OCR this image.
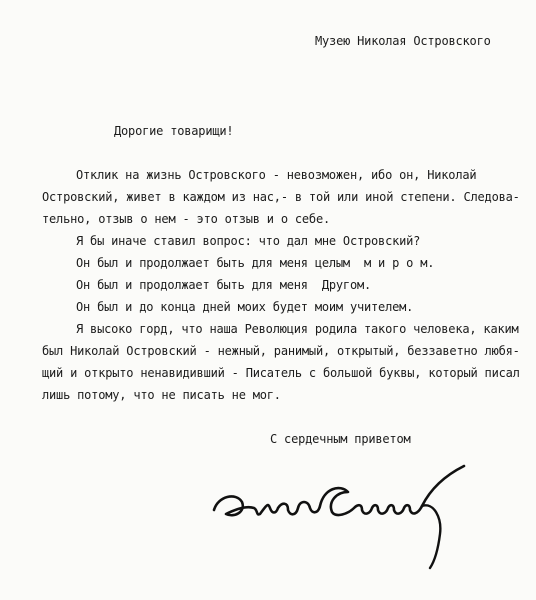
Музею Николая Островского
Дорогие товарищи!
Отклик на жизнь Островского - невозможен, ибо он, Николай
Островский, живет в каждом из нас,- в той или иной степени. Следова-
тельно, отзыв о нем - это отзыв и о себе.
Я бы иначе ставил вопрос: что дал мне Островский?
Он был и продолжает быть для меня целым  м и р о м.
Он был и продолжает быть для меня  Другом.
Он был и до конца дней моих будет моим учителем.
Я высоко горд, что наша Революция родила такого человека, каким
был Николай Островский - нежный, ранимый, открытый, беззаветно любя-
щий и открыто ненавидивший - Писатель с большой буквы, который писал
лишь потому, что не писать не мог.
С сердечным приветом
